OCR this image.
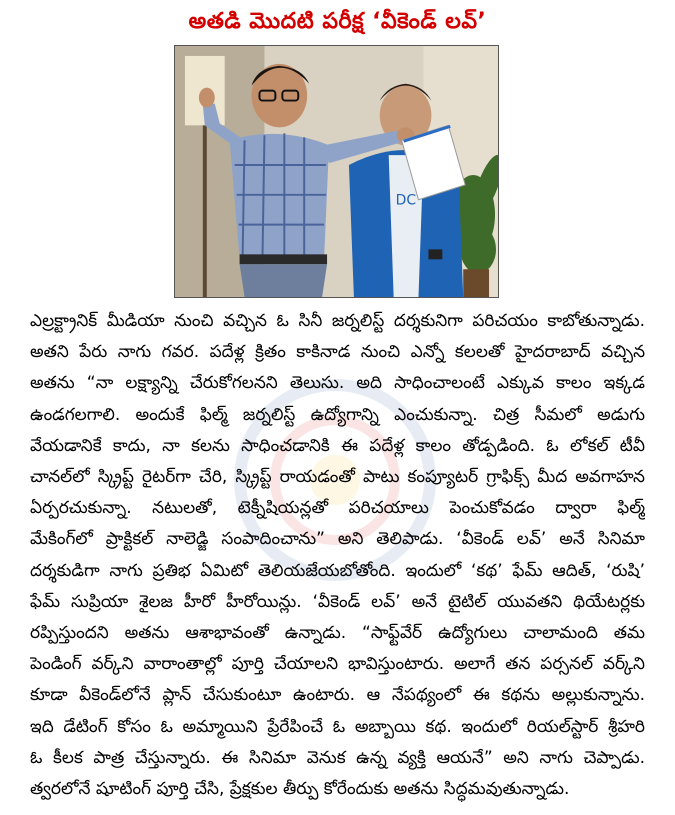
అతడి మొదటి పరీక్ష ‘వీకెండ్ లవ్’
DC
ఎల్రక్ట్రానిక్ మీడియా నుంచి వచ్చిన ఓ సినీ జర్నలిస్ట్ దర్శకునిగా పరిచయం కాబోతున్నాడు.
అతని పేరు నాగు గవర. పదేళ్ల క్రితం కాకినాడ నుంచి ఎన్నో కలలతో హైదరాబాద్ వచ్చిన
అతను “నా లక్ష్యాన్ని చేరుకోగలనని తెలుసు. అది సాధించాలంటే ఎక్కువ కాలం ఇక్కడ
ఉండగలగాలి. అందుకే ఫిల్మ్ జర్నలిస్ట్ ఉద్యోగాన్ని ఎంచుకున్నా. చిత్ర సీమలో అడుగు
వేయడానికే కాదు, నా కలను సాధించడానికి ఈ పదేళ్ల కాలం తోడ్పడింది. ఓ లోకల్ టీవీ
చానల్‌లో స్క్రిప్ట్ రైటర్‌గా చేరి, స్క్రిప్ట్ రాయడంతో పాటు కంప్యూటర్ గ్రాఫిక్స్ మీద అవగాహన
ఏర్పరచుకున్నా. నటులతో, టెక్నీషియన్లతో పరిచయాలు పెంచుకోవడం ద్వారా ఫిల్మ్
మేకింగ్‌లో ప్రాక్టికల్ నాలెడ్జి సంపాదించాను” అని తెలిపాడు. ‘వీకెండ్ లవ్’ అనే సినిమా
దర్శకుడిగా నాగు ప్రతిభ ఏమిటో తెలియజేయబోతోంది. ఇందులో ‘కథ’ ఫేమ్ ఆదిత్, ‘రుషి’
ఫేమ్ సుప్రియా శైలజ హీరో హీరోయిన్లు. ‘వీకెండ్ లవ్’ అనే టైటిల్ యువతని థియేటర్లకు
రప్పిస్తుందని అతను ఆశాభావంతో ఉన్నాడు. “సాఫ్ట్‌వేర్ ఉద్యోగులు చాలామంది తమ
పెండింగ్ వర్క్‌ని వారాంతాల్లో పూర్తి చేయాలని భావిస్తుంటారు. అలాగే తన పర్సనల్ వర్క్‌ని
కూడా వీకెండ్‌లోనే ప్లాన్ చేసుకుంటూ ఉంటారు. ఆ నేపథ్యంలో ఈ కథను అల్లుకున్నాను.
ఇది డేటింగ్ కోసం ఓ అమ్మాయిని ప్రేరేపించే ఓ అబ్బాయి కథ. ఇందులో రియల్‌స్టార్ శ్రీహరి
ఓ కీలక పాత్ర చేస్తున్నారు. ఈ సినిమా వెనుక ఉన్న వ్యక్తి ఆయనే” అని నాగు చెప్పాడు.
త్వరలోనే షూటింగ్ పూర్తి చేసి, ప్రేక్షకుల తీర్పు కోరేందుకు అతను సిద్ధమవుతున్నాడు.
